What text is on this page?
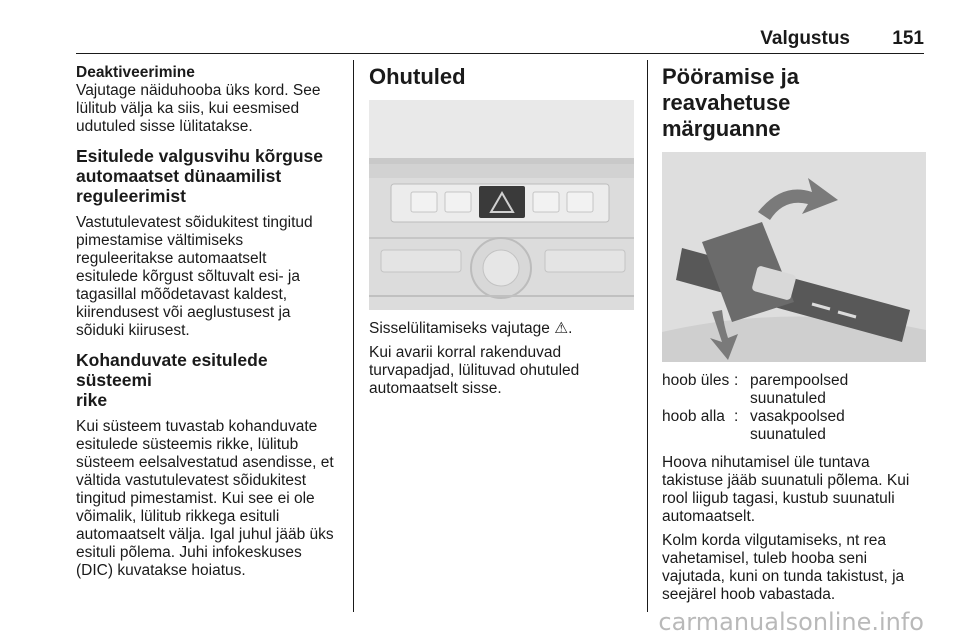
Valgustus 151
Deaktiveerimine

Vajutage näiduhooba üks kord. See

lülitub välja ka siis, kui eesmised

udutuled sisse lülitatakse.

Esitulede valgusvihu kõrguse
automaatset dünaamilist
reguleerimist

Vastutulevatest sõidukitest tingitud

pimestamise vältimiseks

reguleeritakse automaatselt

esitulede kõrgust sõltuvalt esi- ja

tagasillal mõõdetavast kaldest,

kiirendusest või aeglustusest ja

sõiduki kiirusest.

Kohanduvate esitulede süsteemi
rike

Kui süsteem tuvastab kohanduvate

esitulede süsteemis rikke, lülitub

süsteem eelsalvestatud asendisse, et

vältida vastutulevatest sõidukitest

tingitud pimestamist. Kui see ei ole

võimalik, lülitub rikkega esituli

automaatselt välja. Igal juhul jääb üks

esituli põlema. Juhi infokeskuses

(DIC) kuvatakse hoiatus.

Ohutuled

Sisselülitamiseks vajutage ⚠.

Kui avarii korral rakenduvad

turvapadjad, lülituvad ohutuled

automaatselt sisse.

Pööramise ja reavahetuse
märguanne
hoob üles : parempoolsed
suunatuled
hoob alla : vasakpoolsed
suunatuled

Hoova nihutamisel üle tuntava

takistuse jääb suunatuli põlema. Kui

rool liigub tagasi, kustub suunatuli

automaatselt.

Kolm korda vilgutamiseks, nt rea

vahetamisel, tuleb hooba seni

vajutada, kuni on tunda takistust, ja

seejärel hoob vabastada.

carmanualsonline.info
